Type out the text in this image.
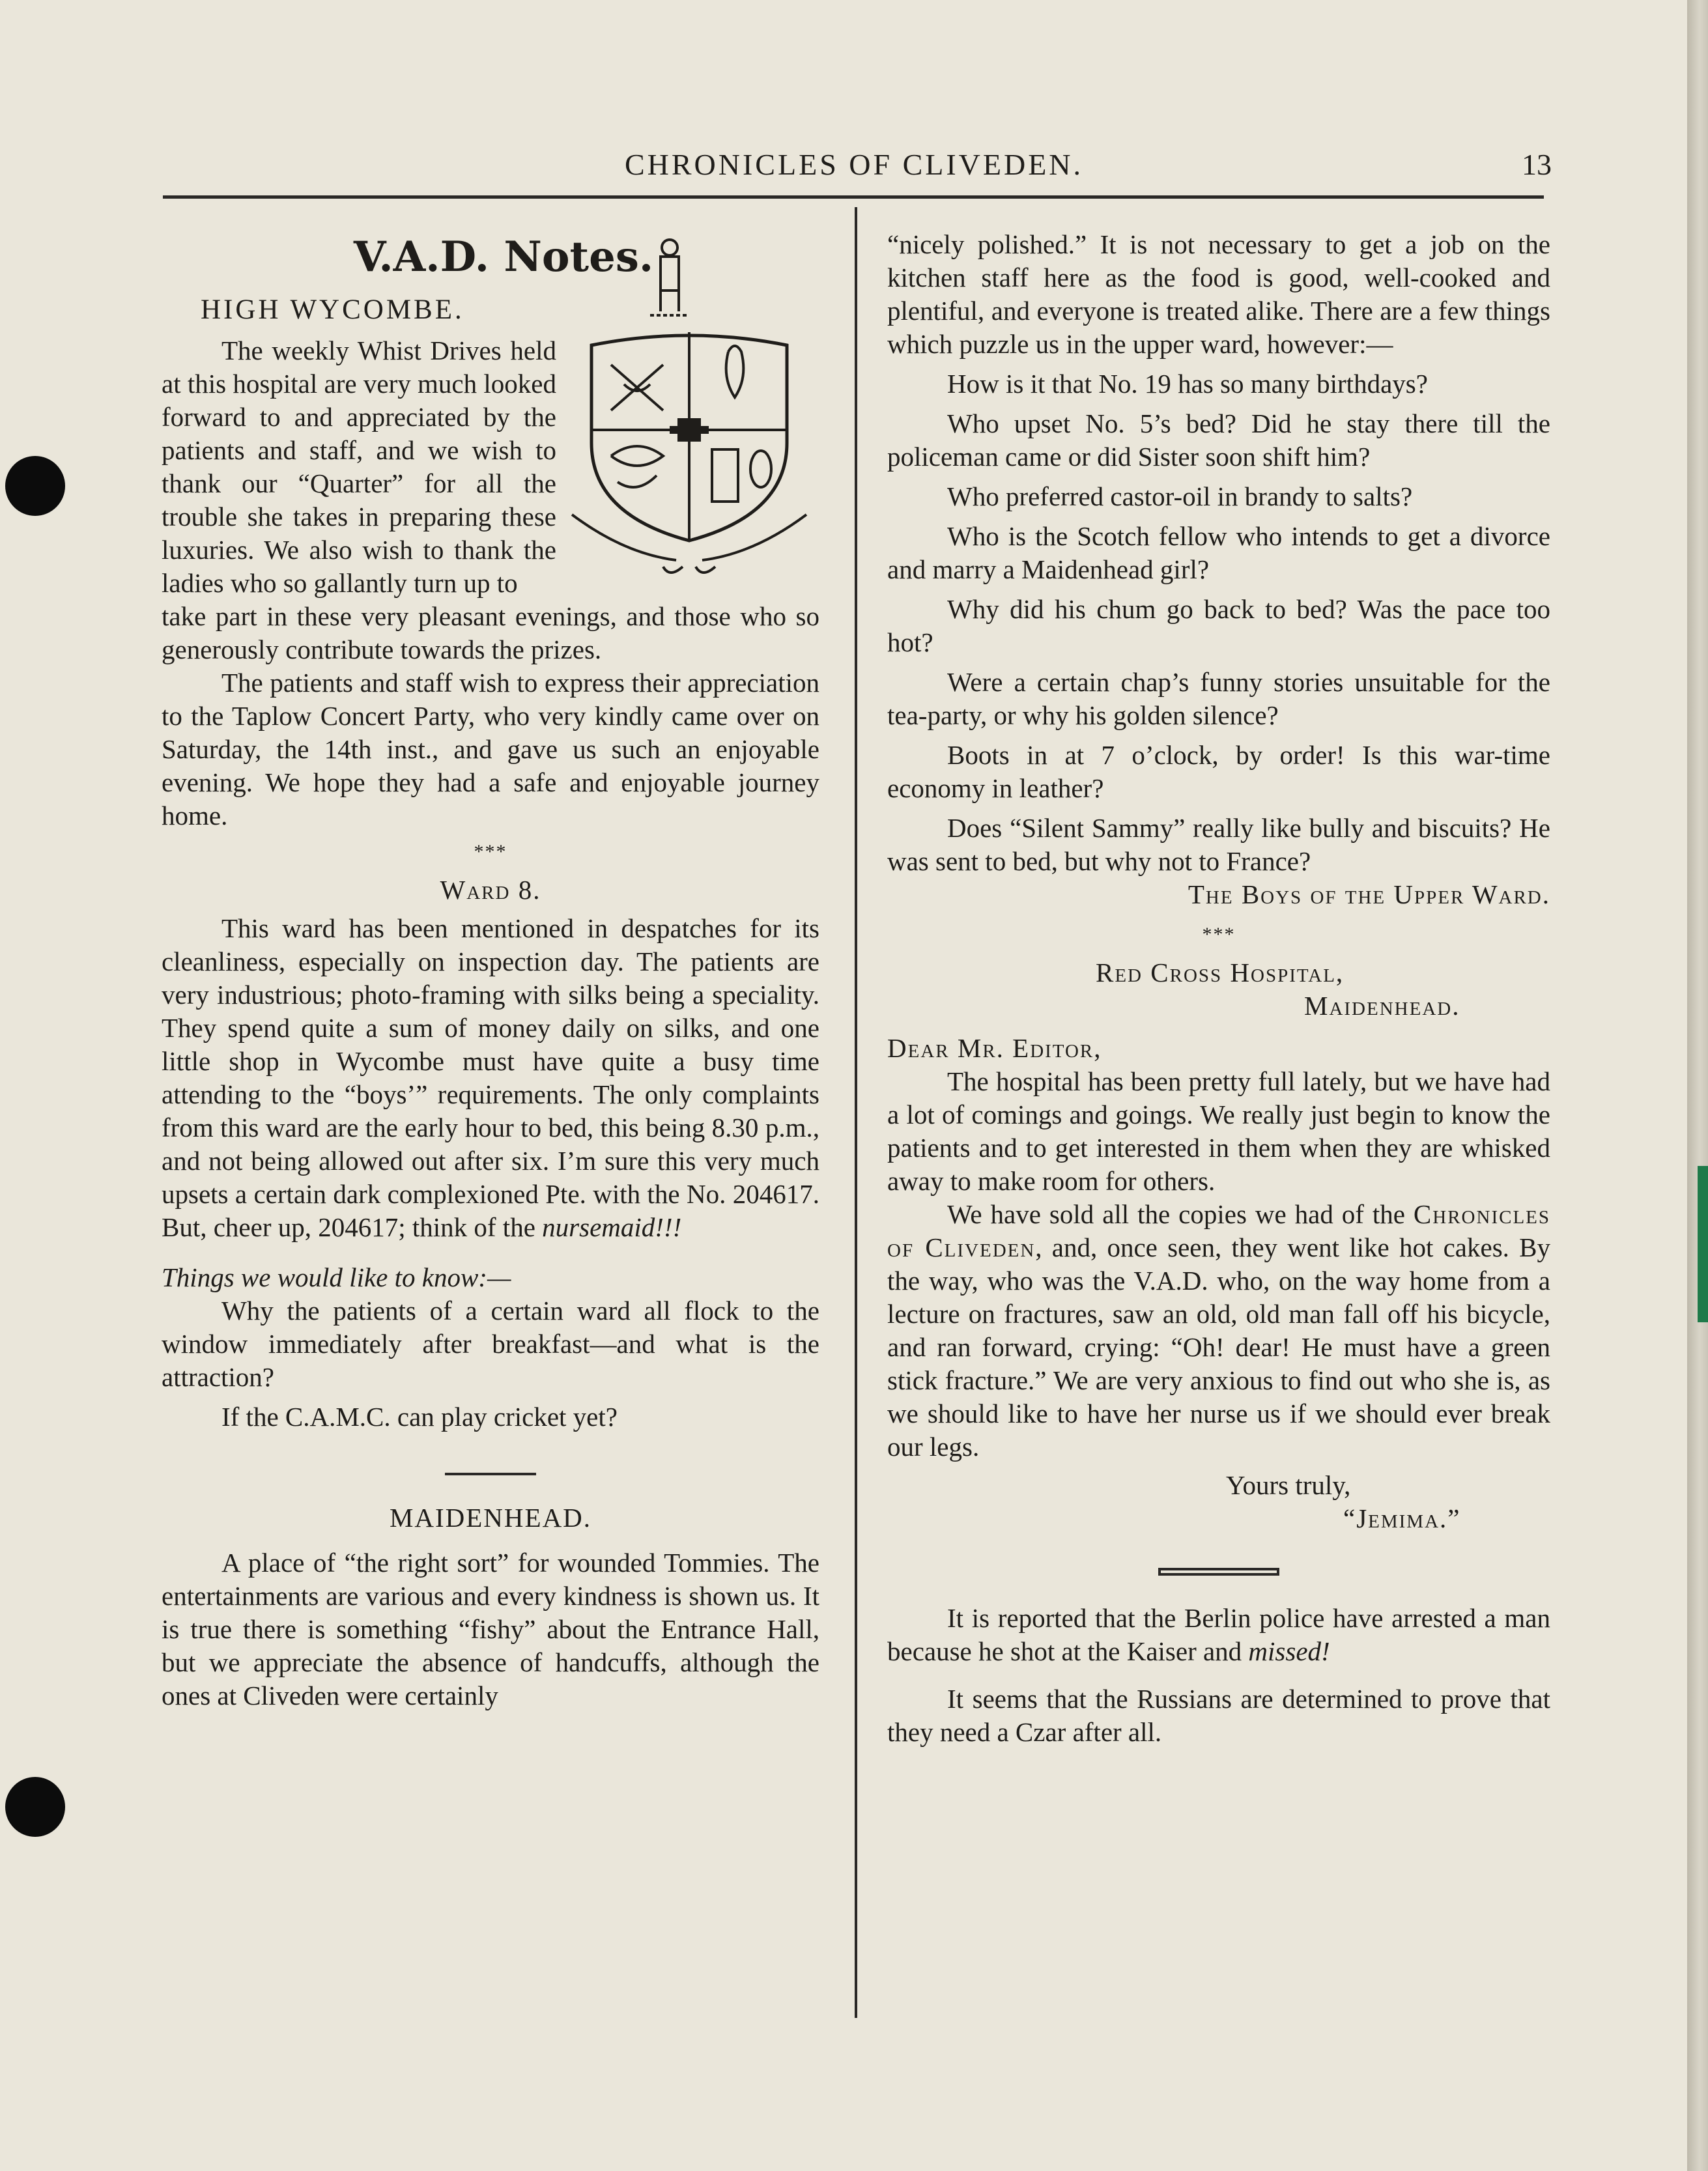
CHRONICLES OF CLIVEDEN.	13
V.A.D. Notes.
HIGH WYCOMBE.

The weekly Whist Drives held at this hospital are very much looked forward to and appreciated by the patients and staff, and we wish to thank our “Quarter” for all the trouble she takes in preparing these luxuries. We also wish to thank the ladies who so gallantly turn up to

take part in these very pleasant evenings, and those who so generously contribute towards the prizes.

The patients and staff wish to express their appreciation to the Taplow Concert Party, who very kindly came over on Saturday, the 14th inst., and gave us such an enjoyable evening. We hope they had a safe and enjoyable journey home.

***
Ward 8.

This ward has been mentioned in despatches for its cleanliness, especially on inspection day. The patients are very industrious; photo-framing with silks being a speciality. They spend quite a sum of money daily on silks, and one little shop in Wycombe must have quite a busy time attending to the “boys’” requirements. The only complaints from this ward are the early hour to bed, this being 8.30 p.m., and not being allowed out after six. I’m sure this very much upsets a certain dark complexioned Pte. with the No. 204617. But, cheer up, 204617; think of the nursemaid!!!

Things we would like to know:—

Why the patients of a certain ward all flock to the window immediately after breakfast—and what is the attraction?

If the C.A.M.C. can play cricket yet?

MAIDENHEAD.

A place of “the right sort” for wounded Tommies. The entertainments are various and every kindness is shown us. It is true there is something “fishy” about the Entrance Hall, but we appreciate the absence of handcuffs, although the ones at Cliveden were certainly

“nicely polished.” It is not necessary to get a job on the kitchen staff here as the food is good, well-cooked and plentiful, and everyone is treated alike. There are a few things which puzzle us in the upper ward, however:—

How is it that No. 19 has so many birthdays?

Who upset No. 5’s bed? Did he stay there till the policeman came or did Sister soon shift him?

Who preferred castor-oil in brandy to salts?

Who is the Scotch fellow who intends to get a divorce and marry a Maidenhead girl?

Why did his chum go back to bed? Was the pace too hot?

Were a certain chap’s funny stories unsuitable for the tea-party, or why his golden silence?

Boots in at 7 o’clock, by order! Is this war-time economy in leather?

Does “Silent Sammy” really like bully and biscuits? He was sent to bed, but why not to France?

The Boys of the Upper Ward.

***

Red Cross Hospital,

Maidenhead.

Dear Mr. Editor,

The hospital has been pretty full lately, but we have had a lot of comings and goings. We really just begin to know the patients and to get interested in them when they are whisked away to make room for others.

We have sold all the copies we had of the Chronicles of Cliveden, and, once seen, they went like hot cakes. By the way, who was the V.A.D. who, on the way home from a lecture on fractures, saw an old, old man fall off his bicycle, and ran forward, crying: “Oh! dear! He must have a green stick fracture.” We are very anxious to find out who she is, as we should like to have her nurse us if we should ever break our legs.

Yours truly,

“Jemima.”

It is reported that the Berlin police have arrested a man because he shot at the Kaiser and missed!

It seems that the Russians are determined to prove that they need a Czar after all.
